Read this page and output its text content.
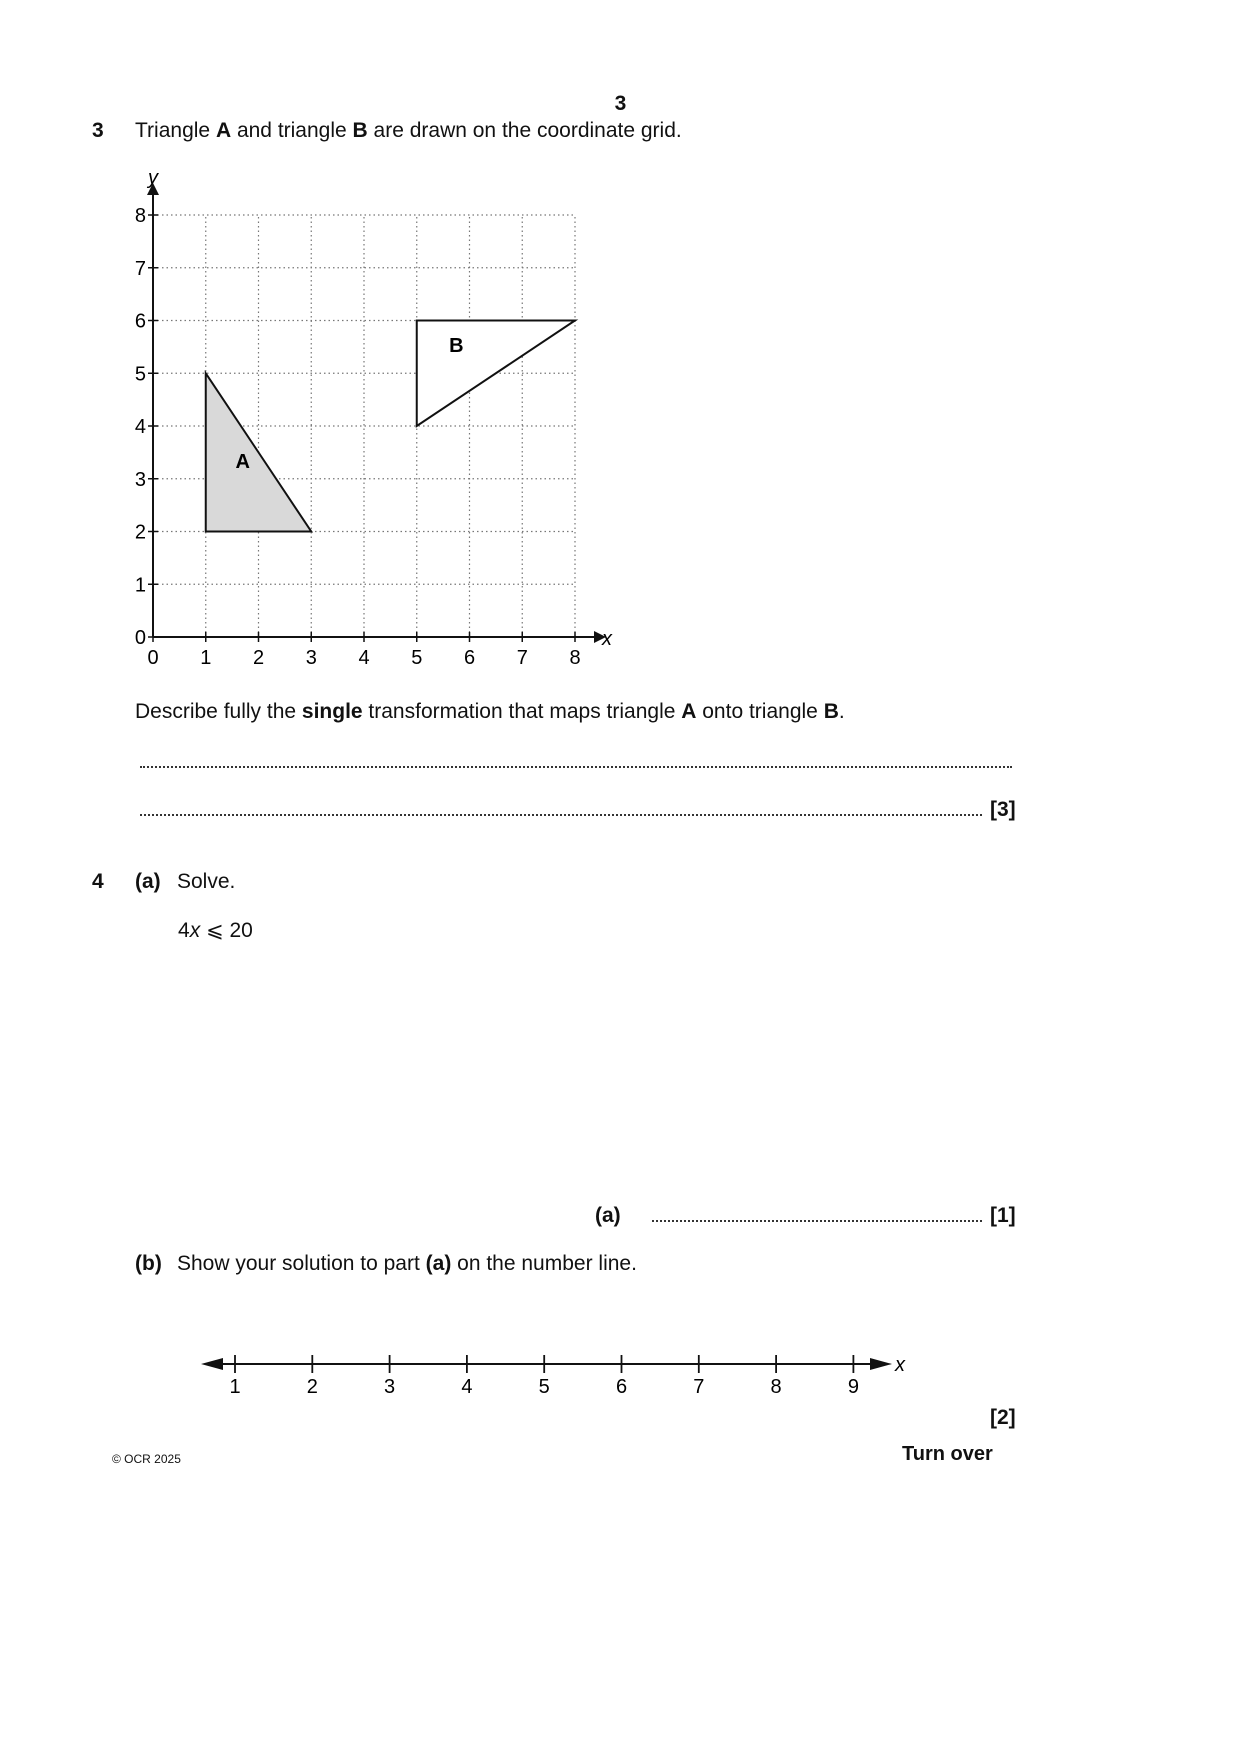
3
3 Triangle A and triangle B are drawn on the coordinate grid.
A
B
x
y
0 1 2 3 4 5 6 7 8
0
1
2
3
4
5
6
7
8
Describe fully the single transformation that maps triangle A onto triangle B.
[3]
4 (a) Solve.
4x ⩽ 20
(a)	[1]
(b) Show your solution to part (a) on the number line.
x
1	2	3	4	5	6	7	8	9
[2]
© OCR 2025	Turn over
